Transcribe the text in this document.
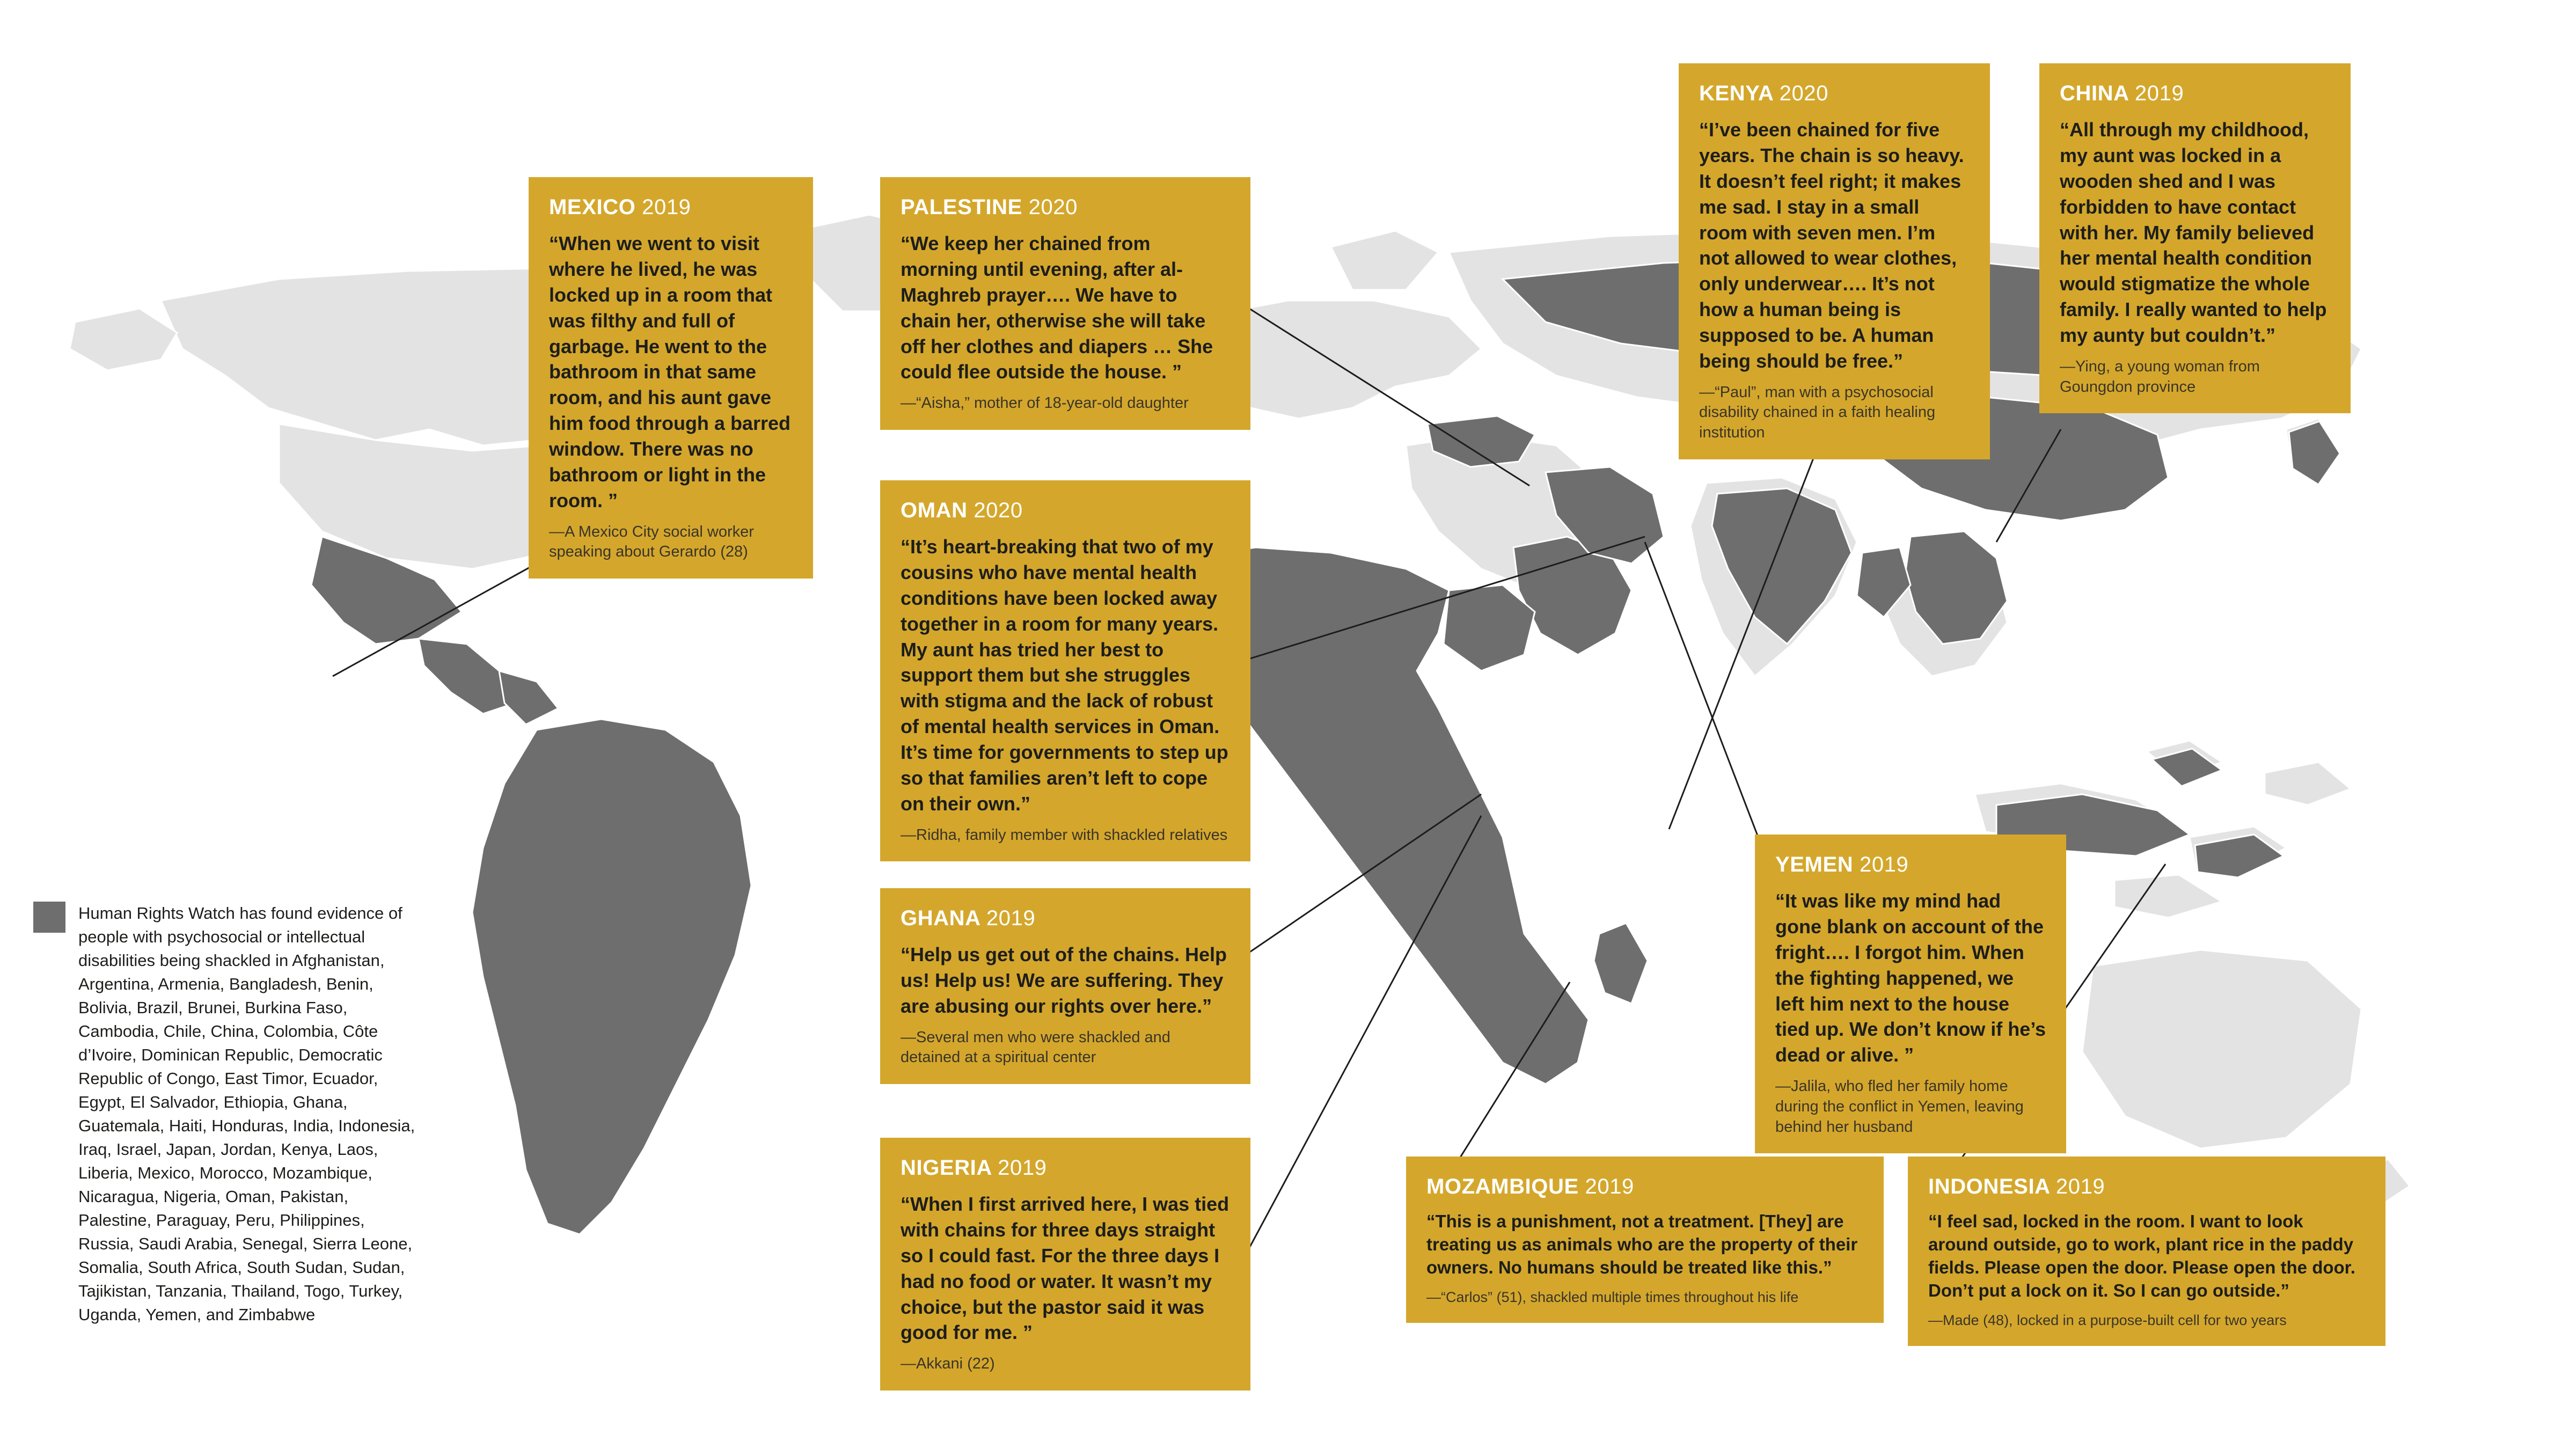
Human Rights Watch has found evidence of people with psychosocial or intellectual disabilities being shackled in Afghanistan, Argentina, Armenia, Bangladesh, Benin, Bolivia, Brazil, Brunei, Burkina Faso, Cambodia, Chile, China, Colombia, Côte d’Ivoire, Dominican Republic, Democratic Republic of Congo, East Timor, Ecuador, Egypt, El Salvador, Ethiopia, Ghana, Guatemala, Haiti, Honduras, India, Indonesia, Iraq, Israel, Japan, Jordan, Kenya, Laos, Liberia, Mexico, Morocco, Mozambique, Nicaragua, Nigeria, Oman, Pakistan, Palestine, Paraguay, Peru, Philippines, Russia, Saudi Arabia, Senegal, Sierra Leone, Somalia, South Africa, South Sudan, Sudan, Tajikistan, Tanzania, Thailand, Togo, Turkey, Uganda, Yemen, and Zimbabwe
MEXICO 2019

“When we went to visit where he lived, he was locked up in a room that was filthy and full of garbage. He went to the bathroom in that same room, and his aunt gave him food through a barred window. There was no bathroom or light in the room. ”

—A Mexico City social worker speaking about Gerardo (28)

PALESTINE 2020

“We keep her chained from morning until evening, after al-Maghreb prayer…. We have to chain her, otherwise she will take off her clothes and diapers … She could flee outside the house. ”

—“Aisha,” mother of 18-year-old daughter

KENYA 2020

“I’ve been chained for five years. The chain is so heavy. It doesn’t feel right; it makes me sad. I stay in a small room with seven men. I’m not allowed to wear clothes, only underwear…. It’s not how a human being is supposed to be. A human being should be free.”

—“Paul”, man with a psychosocial disability chained in a faith healing institution

CHINA 2019

“All through my childhood, my aunt was locked in a wooden shed and I was forbidden to have contact with her. My family believed her mental health condition would stigmatize the whole family. I really wanted to help my aunty but couldn’t.”

—Ying, a young woman from Goungdon province

OMAN 2020

“It’s heart-breaking that two of my cousins who have mental health conditions have been locked away together in a room for many years. My aunt has tried her best to support them but she struggles with stigma and the lack of robust of mental health services in Oman. It’s time for governments to step up so that families aren’t left to cope on their own.”

—Ridha, family member with shackled relatives

GHANA 2019

“Help us get out of the chains. Help us! Help us! We are suffering. They are abusing our rights over here.”

—Several men who were shackled and detained at a spiritual center

YEMEN 2019

“It was like my mind had gone blank on account of the fright…. I forgot him. When the fighting happened, we left him next to the house tied up. We don’t know if he’s dead or alive. ”

—Jalila, who fled her family home during the conflict in Yemen, leaving behind her husband

NIGERIA 2019

“When I first arrived here, I was tied with chains for three days straight so I could fast. For the three days I had no food or water. It wasn’t my choice, but the pastor said it was good for me. ”

—Akkani (22)

MOZAMBIQUE 2019

“This is a punishment, not a treatment. [They] are treating us as animals who are the property of their owners. No humans should be treated like this.”

—“Carlos” (51), shackled multiple times throughout his life

INDONESIA 2019

“I feel sad, locked in the room. I want to look around outside, go to work, plant rice in the paddy fields. Please open the door. Please open the door. Don’t put a lock on it. So I can go outside.”

—Made (48), locked in a purpose-built cell for two years
